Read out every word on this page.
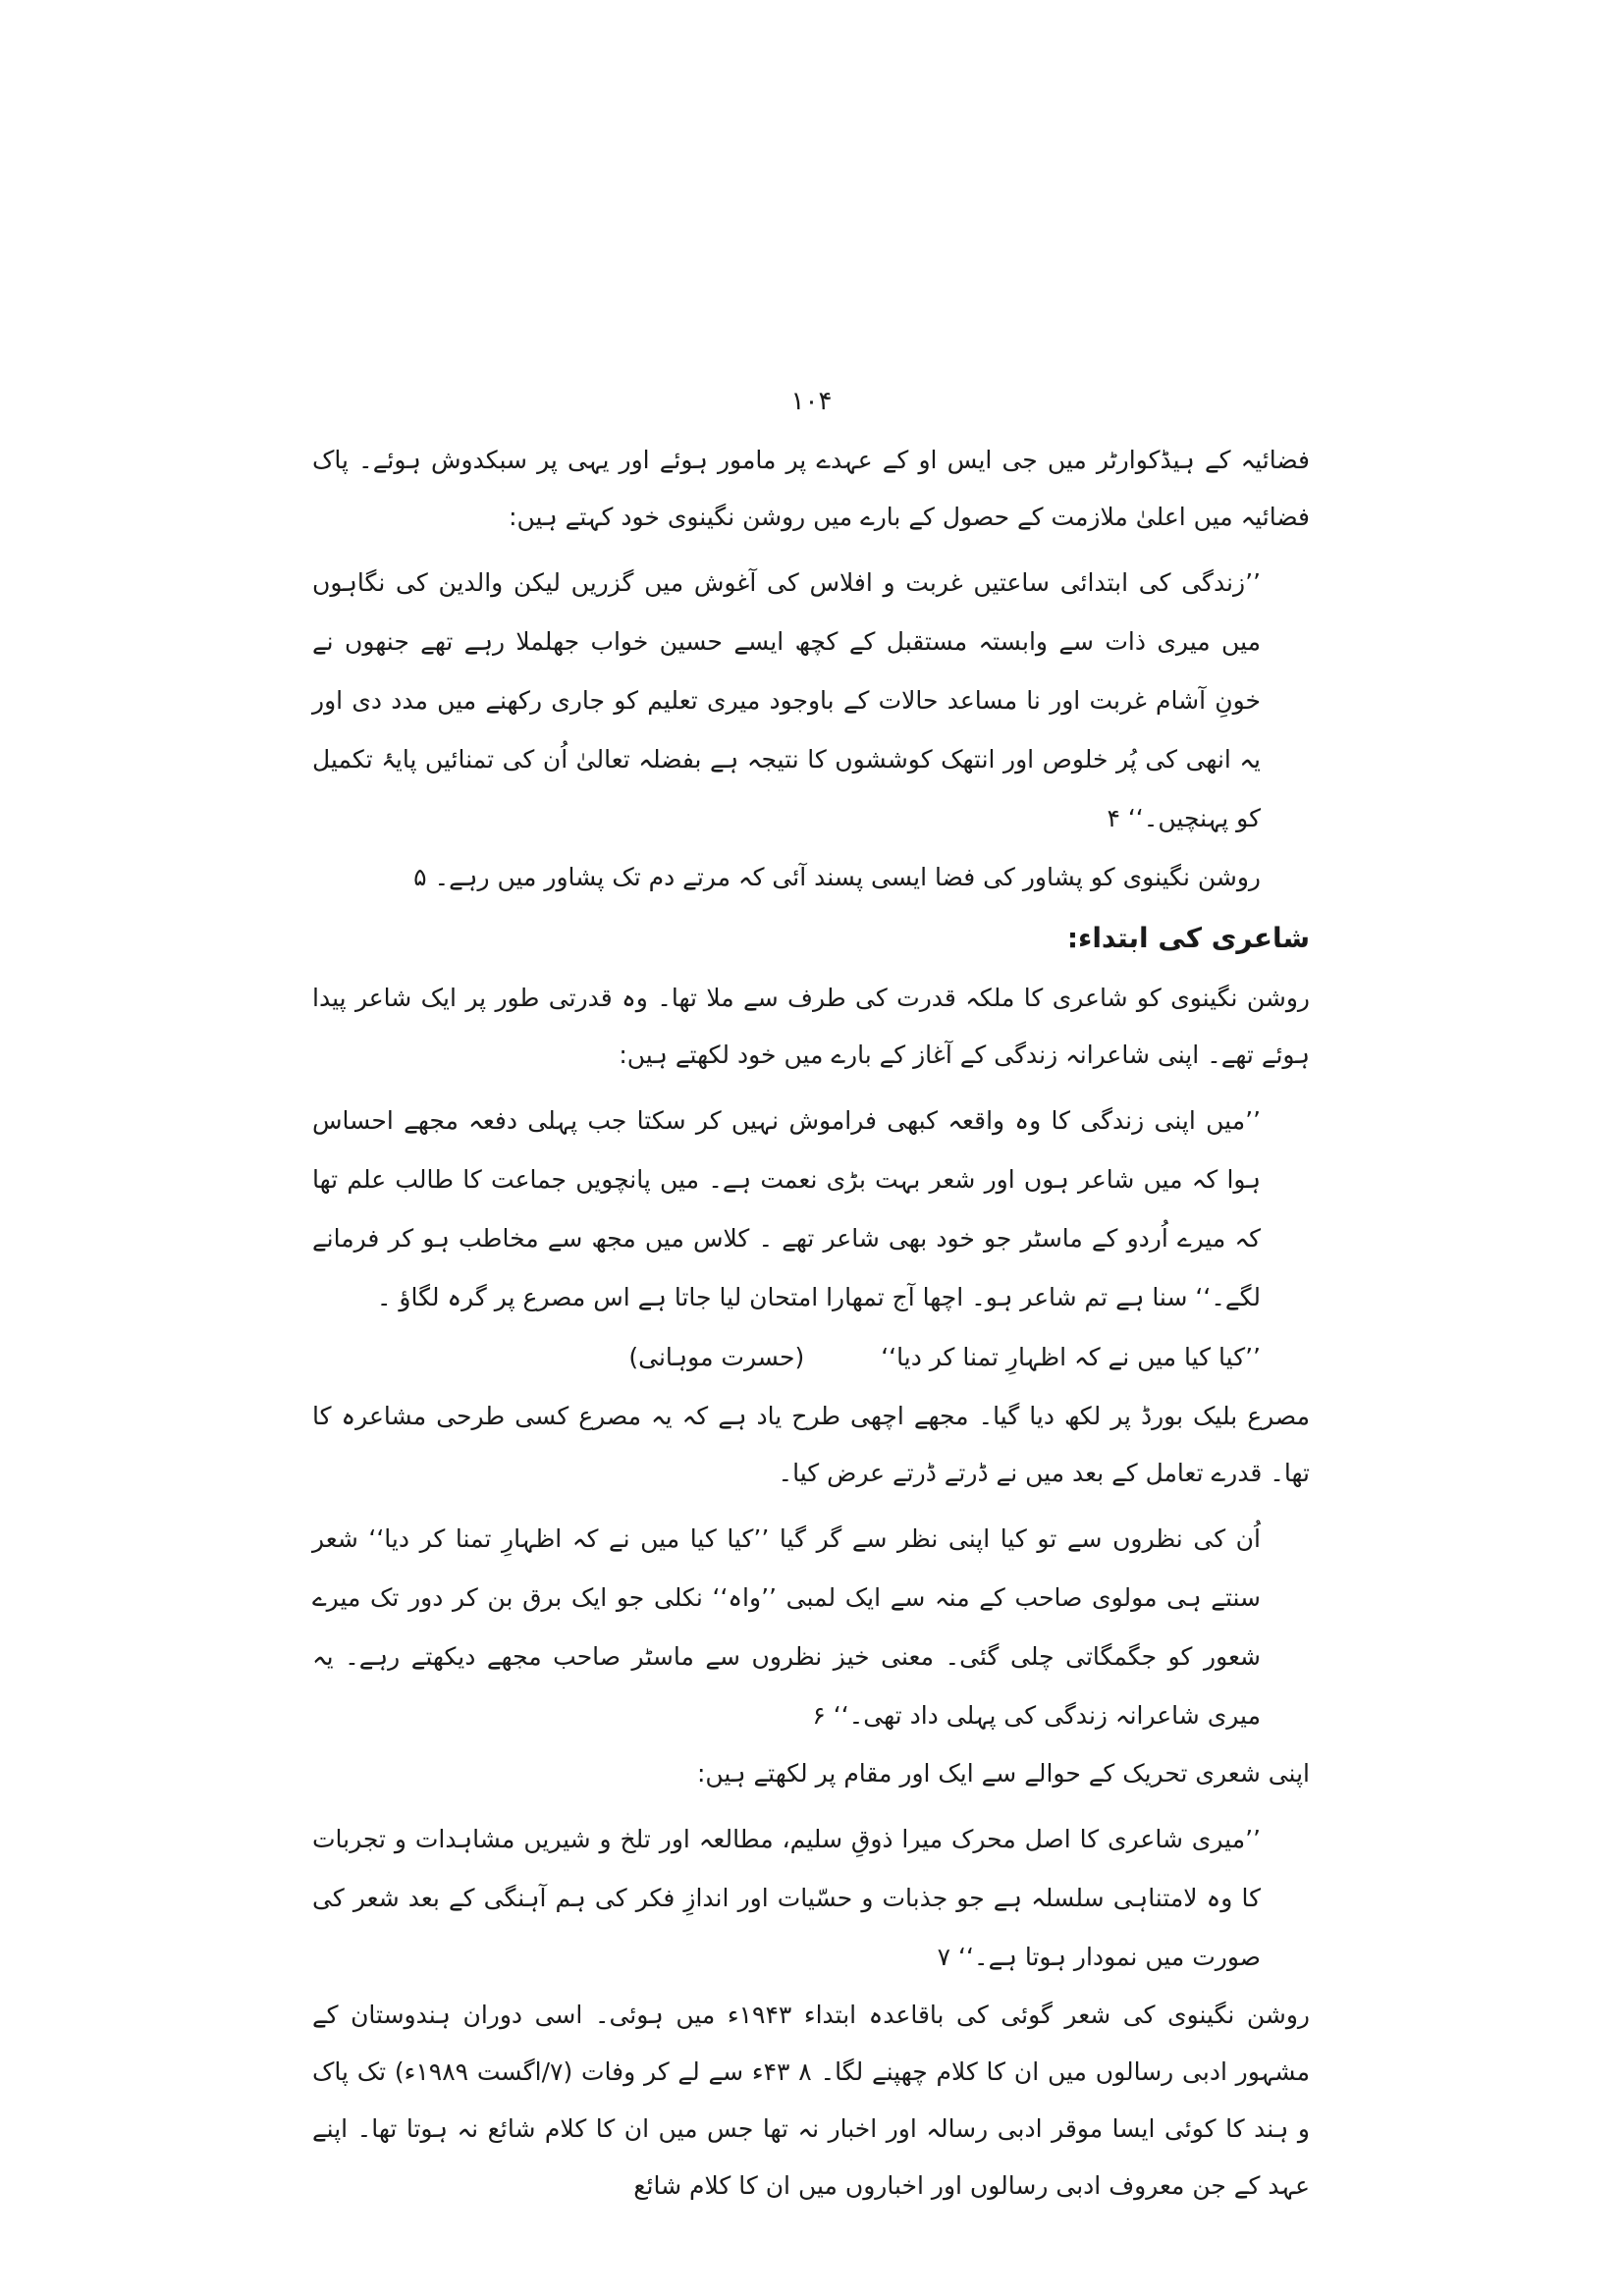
۱۰۴

فضائیہ کے ہیڈکوارٹر میں جی ایس او کے عہدے پر مامور ہوئے اور یہی پر سبکدوش ہوئے۔ پاک فضائیہ میں اعلیٰ ملازمت کے حصول کے بارے میں روشن نگینوی خود کہتے ہیں:

’’زندگی کی ابتدائی ساعتیں غربت و افلاس کی آغوش میں گزریں لیکن والدین کی نگاہوں میں میری ذات سے وابستہ مستقبل کے کچھ ایسے حسین خواب جھلملا رہے تھے جنھوں نے خونِ آشام غربت اور نا مساعد حالات کے باوجود میری تعلیم کو جاری رکھنے میں مدد دی اور یہ انھی کی پُر خلوص اور انتھک کوششوں کا نتیجہ ہے بفضلہ تعالیٰ اُن کی تمنائیں پایۂ تکمیل کو پہنچیں۔‘‘ ۴

روشن نگینوی کو پشاور کی فضا ایسی پسند آئی کہ مرتے دم تک پشاور میں رہے۔ ۵

شاعری کی ابتداء:

روشن نگینوی کو شاعری کا ملکہ قدرت کی طرف سے ملا تھا۔ وہ قدرتی طور پر ایک شاعر پیدا ہوئے تھے۔ اپنی شاعرانہ زندگی کے آغاز کے بارے میں خود لکھتے ہیں:

’’میں اپنی زندگی کا وہ واقعہ کبھی فراموش نہیں کر سکتا جب پہلی دفعہ مجھے احساس ہوا کہ میں شاعر ہوں اور شعر بہت بڑی نعمت ہے۔ میں پانچویں جماعت کا طالب علم تھا کہ میرے اُردو کے ماسٹر جو خود بھی شاعر تھے ۔ کلاس میں مجھ سے مخاطب ہو کر فرمانے لگے۔‘‘ سنا ہے تم شاعر ہو۔ اچھا آج تمھارا امتحان لیا جاتا ہے اس مصرع پر گرہ لگاؤ ۔

’’کیا کیا میں نے کہ اظہارِ تمنا کر دیا‘‘ (حسرت موہانی)

مصرع بلیک بورڈ پر لکھ دیا گیا۔ مجھے اچھی طرح یاد ہے کہ یہ مصرع کسی طرحی مشاعرہ کا تھا۔ قدرے تعامل کے بعد میں نے ڈرتے ڈرتے عرض کیا۔

اُن کی نظروں سے تو کیا اپنی نظر سے گر گیا ’’کیا کیا میں نے کہ اظہارِ تمنا کر دیا‘‘ شعر سنتے ہی مولوی صاحب کے منہ سے ایک لمبی ’’واہ‘‘ نکلی جو ایک برق بن کر دور تک میرے شعور کو جگمگاتی چلی گئی۔ معنی خیز نظروں سے ماسٹر صاحب مجھے دیکھتے رہے۔ یہ میری شاعرانہ زندگی کی پہلی داد تھی۔‘‘ ۶

اپنی شعری تحریک کے حوالے سے ایک اور مقام پر لکھتے ہیں:

’’میری شاعری کا اصل محرک میرا ذوقِ سلیم، مطالعہ اور تلخ و شیریں مشاہدات و تجربات کا وہ لامتناہی سلسلہ ہے جو جذبات و حسّیات اور اندازِ فکر کی ہم آہنگی کے بعد شعر کی صورت میں نمودار ہوتا ہے۔‘‘ ۷

روشن نگینوی کی شعر گوئی کی باقاعدہ ابتداء ۱۹۴۳ء میں ہوئی۔ اسی دوران ہندوستان کے مشہور ادبی رسالوں میں ان کا کلام چھپنے لگا۔ ۸ ۴۳ء سے لے کر وفات (۷/اگست ۱۹۸۹ء) تک پاک و ہند کا کوئی ایسا موقر ادبی رسالہ اور اخبار نہ تھا جس میں ان کا کلام شائع نہ ہوتا تھا۔ اپنے عہد کے جن معروف ادبی رسالوں اور اخباروں میں ان کا کلام شائع
